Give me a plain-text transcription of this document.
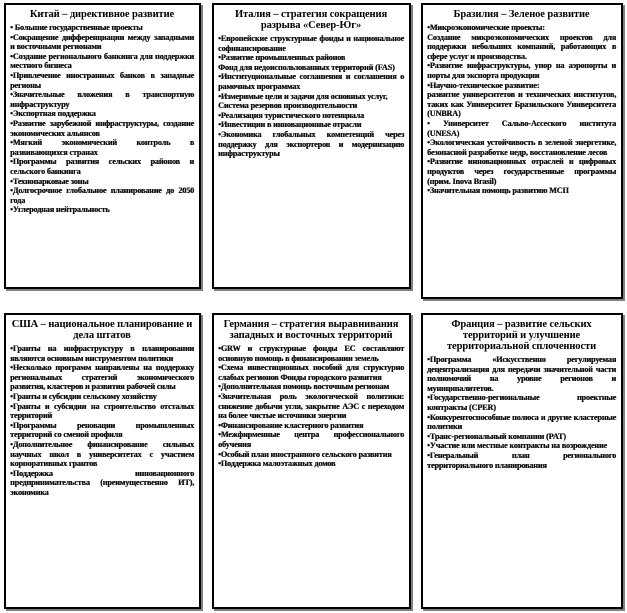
Китай – директивное развитие
• Большие государственные проекты
•Сокращение дифференциации между западными и восточными регионами
•Создание регионального банкинга для поддержки местного бизнеса
•Привлечение иностранных банков в западные регионы
•Значительные вложения в транспортную инфраструктуру
•Экспортная поддержка
•Развитие зарубежной инфраструктуры, создание экономических альянсов
•Мягкий экономический контроль в развивающихся странах
•Программы развития сельских районов и сельского банкинга
•Технопарковые зоны
•Долгосрочное глобальное планирование до 2050 года
•Углеродная нейтральность
Италия – стратегия сокращения разрыва «Север-Юг»
•Европейские структурные фонды и национальное софинансирование
•Развитие промышленных районов
Фонд для недоиспользованных территорий (FAS)
•Институциональные соглашения и соглашения о рамочных программах
•Измеримые цели и задачи для основных услуг,
Система резервов производительности
•Реализация туристического потенциала
•Инвестиции в инновационные отрасли
•Экономика глобальных компетенций через поддержку для экспортеров и модернизацию инфраструктуры
Бразилия – Зеленое развитие
•Микроэкономические проекты:
Создание микроэкономических проектов для поддержки небольших компаний, работающих в сфере услуг и производства.
•Развитие инфраструктуры, упор на аэропорты и порты для экспорта продукции
•Научно-техническое развитие:
развитие университетов и технических институтов, таких как Университет Бразильского Университета (UNBRA)
• Университет Сальво-Ассеского института (UNESA)
•Экологическая устойчивость в зеленой энергетике, безопасной разработке недр, восстановление лесов
•Развитие инновационных отраслей и цифровых продуктов через государственные программы (прим. Inova Brasil)
•Значительная помощь развитию МСП
США – национальное планирование и дела штатов
•Гранты на инфраструктуру в планировании являются основным инструментом политики
•Несколько программ направлены на поддержку региональных стратегий экономического развития, кластеров и развития рабочей силы
•Гранты и субсидии сельскому хозяйству
•Гранты и субсидии на строительство отсталых территорий
•Программы реновации промышленных территорий со сменой профиля
•Дополнительное финансирование сильных научных школ в университетах с участием корпоративных грантов
•Поддержка инновационного предпринимательства (преимущественно ИТ), экономика
Германия – стратегия выравнивания западных и восточных территорий
•GRW и структурные фонды ЕС составляют основную помощь в финансировании земель
•Схема инвестиционных пособий для структурно слабых регионов Фонды городского развития
•Дополнительная помощь восточным регионам
•Значительная роль экологической политики: снижение добычи угля, закрытие АЭС с переходом на более чистые источники энергии
•Финансирование кластерного развития
•Межфирменные центра профессионального обучения
•Особый план иностранного сельского развития
•Поддержка малоэтажных домов
Франция – развитие сельских территорий и улучшение территориальной сплоченности
•Программа «Искусственно регулируемая децентрализация для передачи значительной части полномочий на уровне регионов и муниципалитетов.
•Государственно-региональные проектные контракты (CPER)
•Конкурентоспособные полюса и другие кластерные политики
•Транс-региональный компании (PAT)
•Участие или местные контракты на возрождение
•Генеральный план регионального территориального планирования
